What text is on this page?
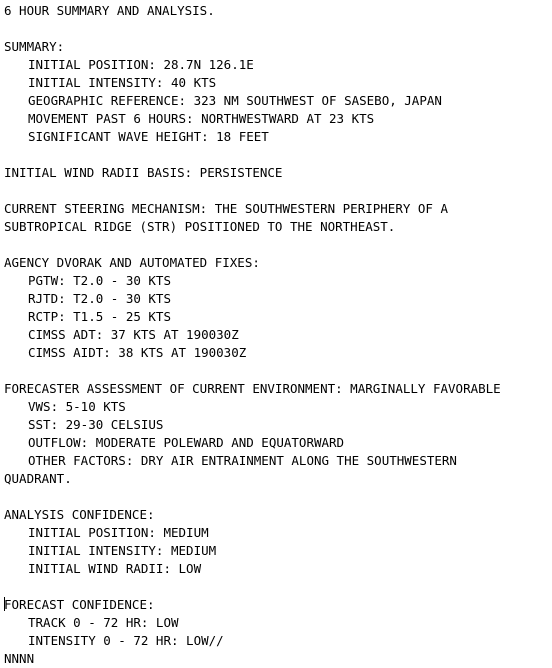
6 HOUR SUMMARY AND ANALYSIS.
SUMMARY:
INITIAL POSITION: 28.7N 126.1E
INITIAL INTENSITY: 40 KTS
GEOGRAPHIC REFERENCE: 323 NM SOUTHWEST OF SASEBO, JAPAN
MOVEMENT PAST 6 HOURS: NORTHWESTWARD AT 23 KTS
SIGNIFICANT WAVE HEIGHT: 18 FEET
INITIAL WIND RADII BASIS: PERSISTENCE
CURRENT STEERING MECHANISM: THE SOUTHWESTERN PERIPHERY OF A
SUBTROPICAL RIDGE (STR) POSITIONED TO THE NORTHEAST.
AGENCY DVORAK AND AUTOMATED FIXES:
PGTW: T2.0 - 30 KTS
RJTD: T2.0 - 30 KTS
RCTP: T1.5 - 25 KTS
CIMSS ADT: 37 KTS AT 190030Z
CIMSS AIDT: 38 KTS AT 190030Z
FORECASTER ASSESSMENT OF CURRENT ENVIRONMENT: MARGINALLY FAVORABLE
VWS: 5-10 KTS
SST: 29-30 CELSIUS
OUTFLOW: MODERATE POLEWARD AND EQUATORWARD
OTHER FACTORS: DRY AIR ENTRAINMENT ALONG THE SOUTHWESTERN
QUADRANT.
ANALYSIS CONFIDENCE:
INITIAL POSITION: MEDIUM
INITIAL INTENSITY: MEDIUM
INITIAL WIND RADII: LOW
FORECAST CONFIDENCE:
TRACK 0 - 72 HR: LOW
INTENSITY 0 - 72 HR: LOW//
NNNN
